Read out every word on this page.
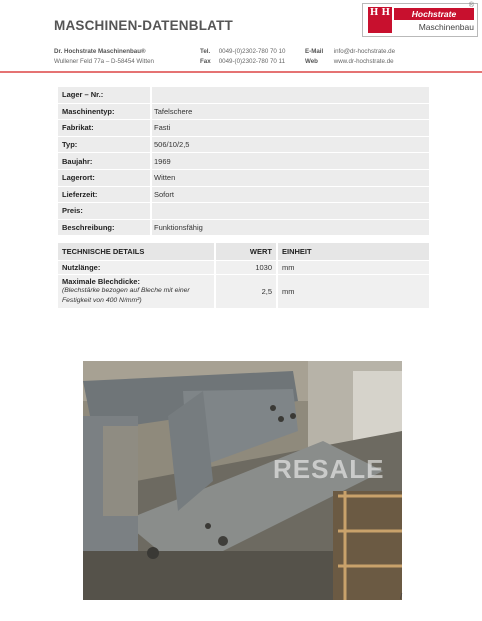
MASCHINEN-DATENBLATT
H H	Hochstrate
Maschinenbau
®
Dr. Hochstrate Maschinenbau®
Wullener Feld 77a – D-58454 Witten
Tel. 0049-(0)2302-780 70 10
Fax 0049-(0)2302-780 70 11
E-Mail info@dr-hochstrate.de
Web	www.dr-hochstrate.de
Lager – Nr.:	
Maschinentyp:	Tafelschere
Fabrikat:	Fasti
Typ:	506/10/2,5
Baujahr:	1969
Lagerort:	Witten
Lieferzeit:	Sofort
Preis:	
Beschreibung:	Funktionsfähig
TECHNISCHE DETAILS	WERT	EINHEIT
Nutzlänge:	1030	mm
Maximale Blechdicke:
(Blechstärke bezogen auf Bleche mit einer Festigkeit von 400 N/mm²)	2,5	mm
RESALE
/
